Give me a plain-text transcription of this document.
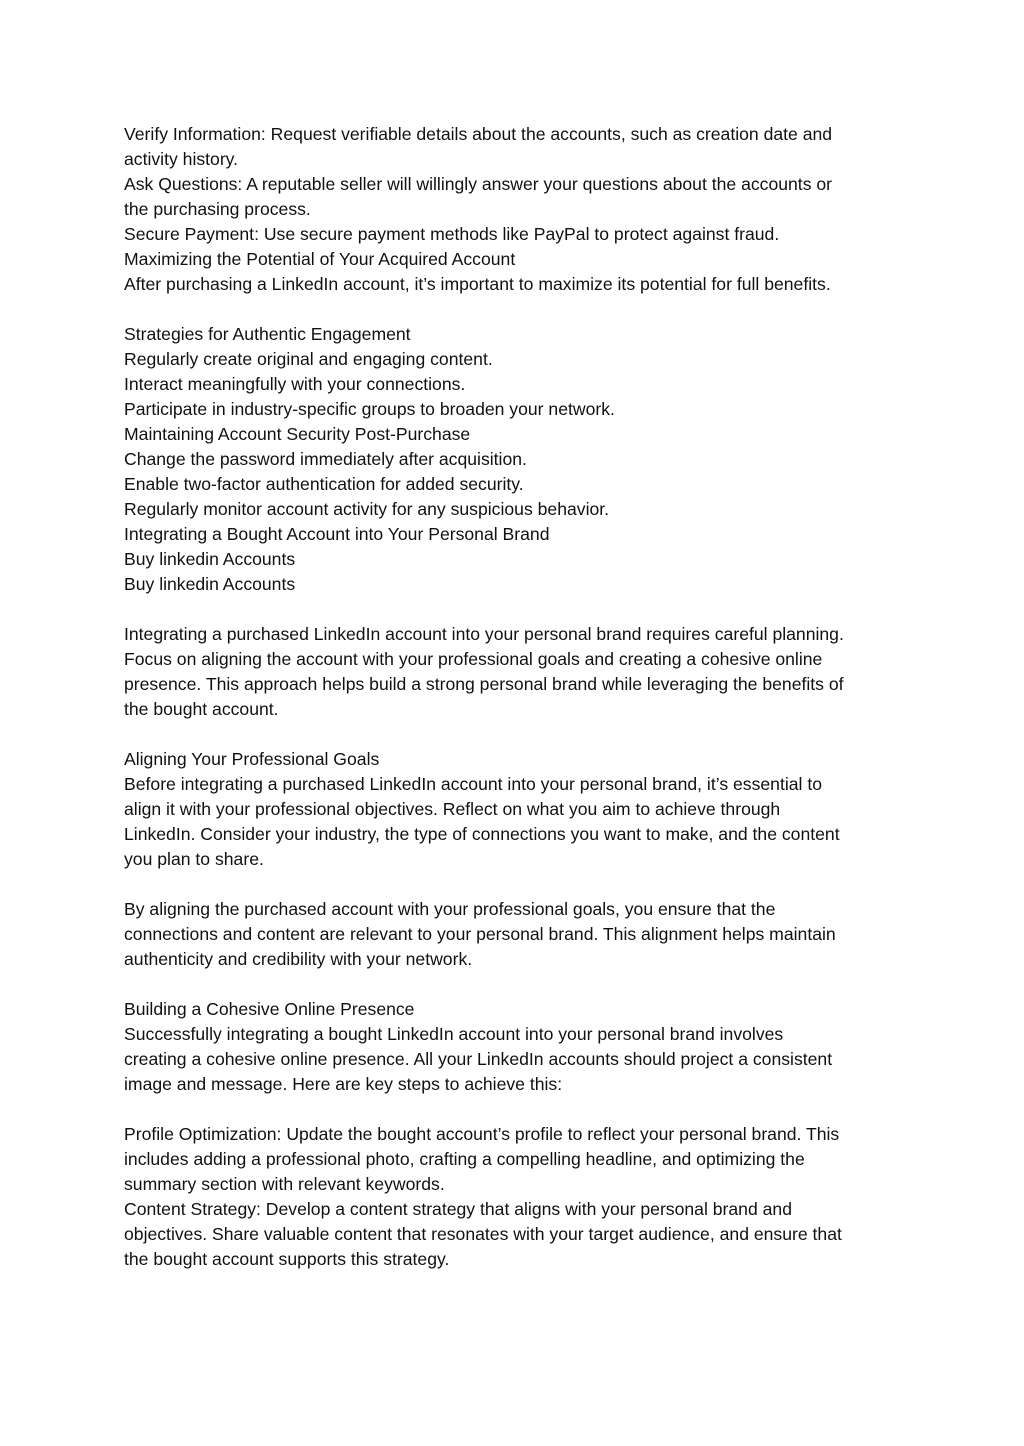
Verify Information: Request verifiable details about the accounts, such as creation date and
activity history.
Ask Questions: A reputable seller will willingly answer your questions about the accounts or
the purchasing process.
Secure Payment: Use secure payment methods like PayPal to protect against fraud.
Maximizing the Potential of Your Acquired Account
After purchasing a LinkedIn account, it’s important to maximize its potential for full benefits.
Strategies for Authentic Engagement
Regularly create original and engaging content.
Interact meaningfully with your connections.
Participate in industry-specific groups to broaden your network.
Maintaining Account Security Post-Purchase
Change the password immediately after acquisition.
Enable two-factor authentication for added security.
Regularly monitor account activity for any suspicious behavior.
Integrating a Bought Account into Your Personal Brand
Buy linkedin Accounts
Buy linkedin Accounts
Integrating a purchased LinkedIn account into your personal brand requires careful planning.
Focus on aligning the account with your professional goals and creating a cohesive online
presence. This approach helps build a strong personal brand while leveraging the benefits of
the bought account.
Aligning Your Professional Goals
Before integrating a purchased LinkedIn account into your personal brand, it’s essential to
align it with your professional objectives. Reflect on what you aim to achieve through
LinkedIn. Consider your industry, the type of connections you want to make, and the content
you plan to share.
By aligning the purchased account with your professional goals, you ensure that the
connections and content are relevant to your personal brand. This alignment helps maintain
authenticity and credibility with your network.
Building a Cohesive Online Presence
Successfully integrating a bought LinkedIn account into your personal brand involves
creating a cohesive online presence. All your LinkedIn accounts should project a consistent
image and message. Here are key steps to achieve this:
Profile Optimization: Update the bought account’s profile to reflect your personal brand. This
includes adding a professional photo, crafting a compelling headline, and optimizing the
summary section with relevant keywords.
Content Strategy: Develop a content strategy that aligns with your personal brand and
objectives. Share valuable content that resonates with your target audience, and ensure that
the bought account supports this strategy.
